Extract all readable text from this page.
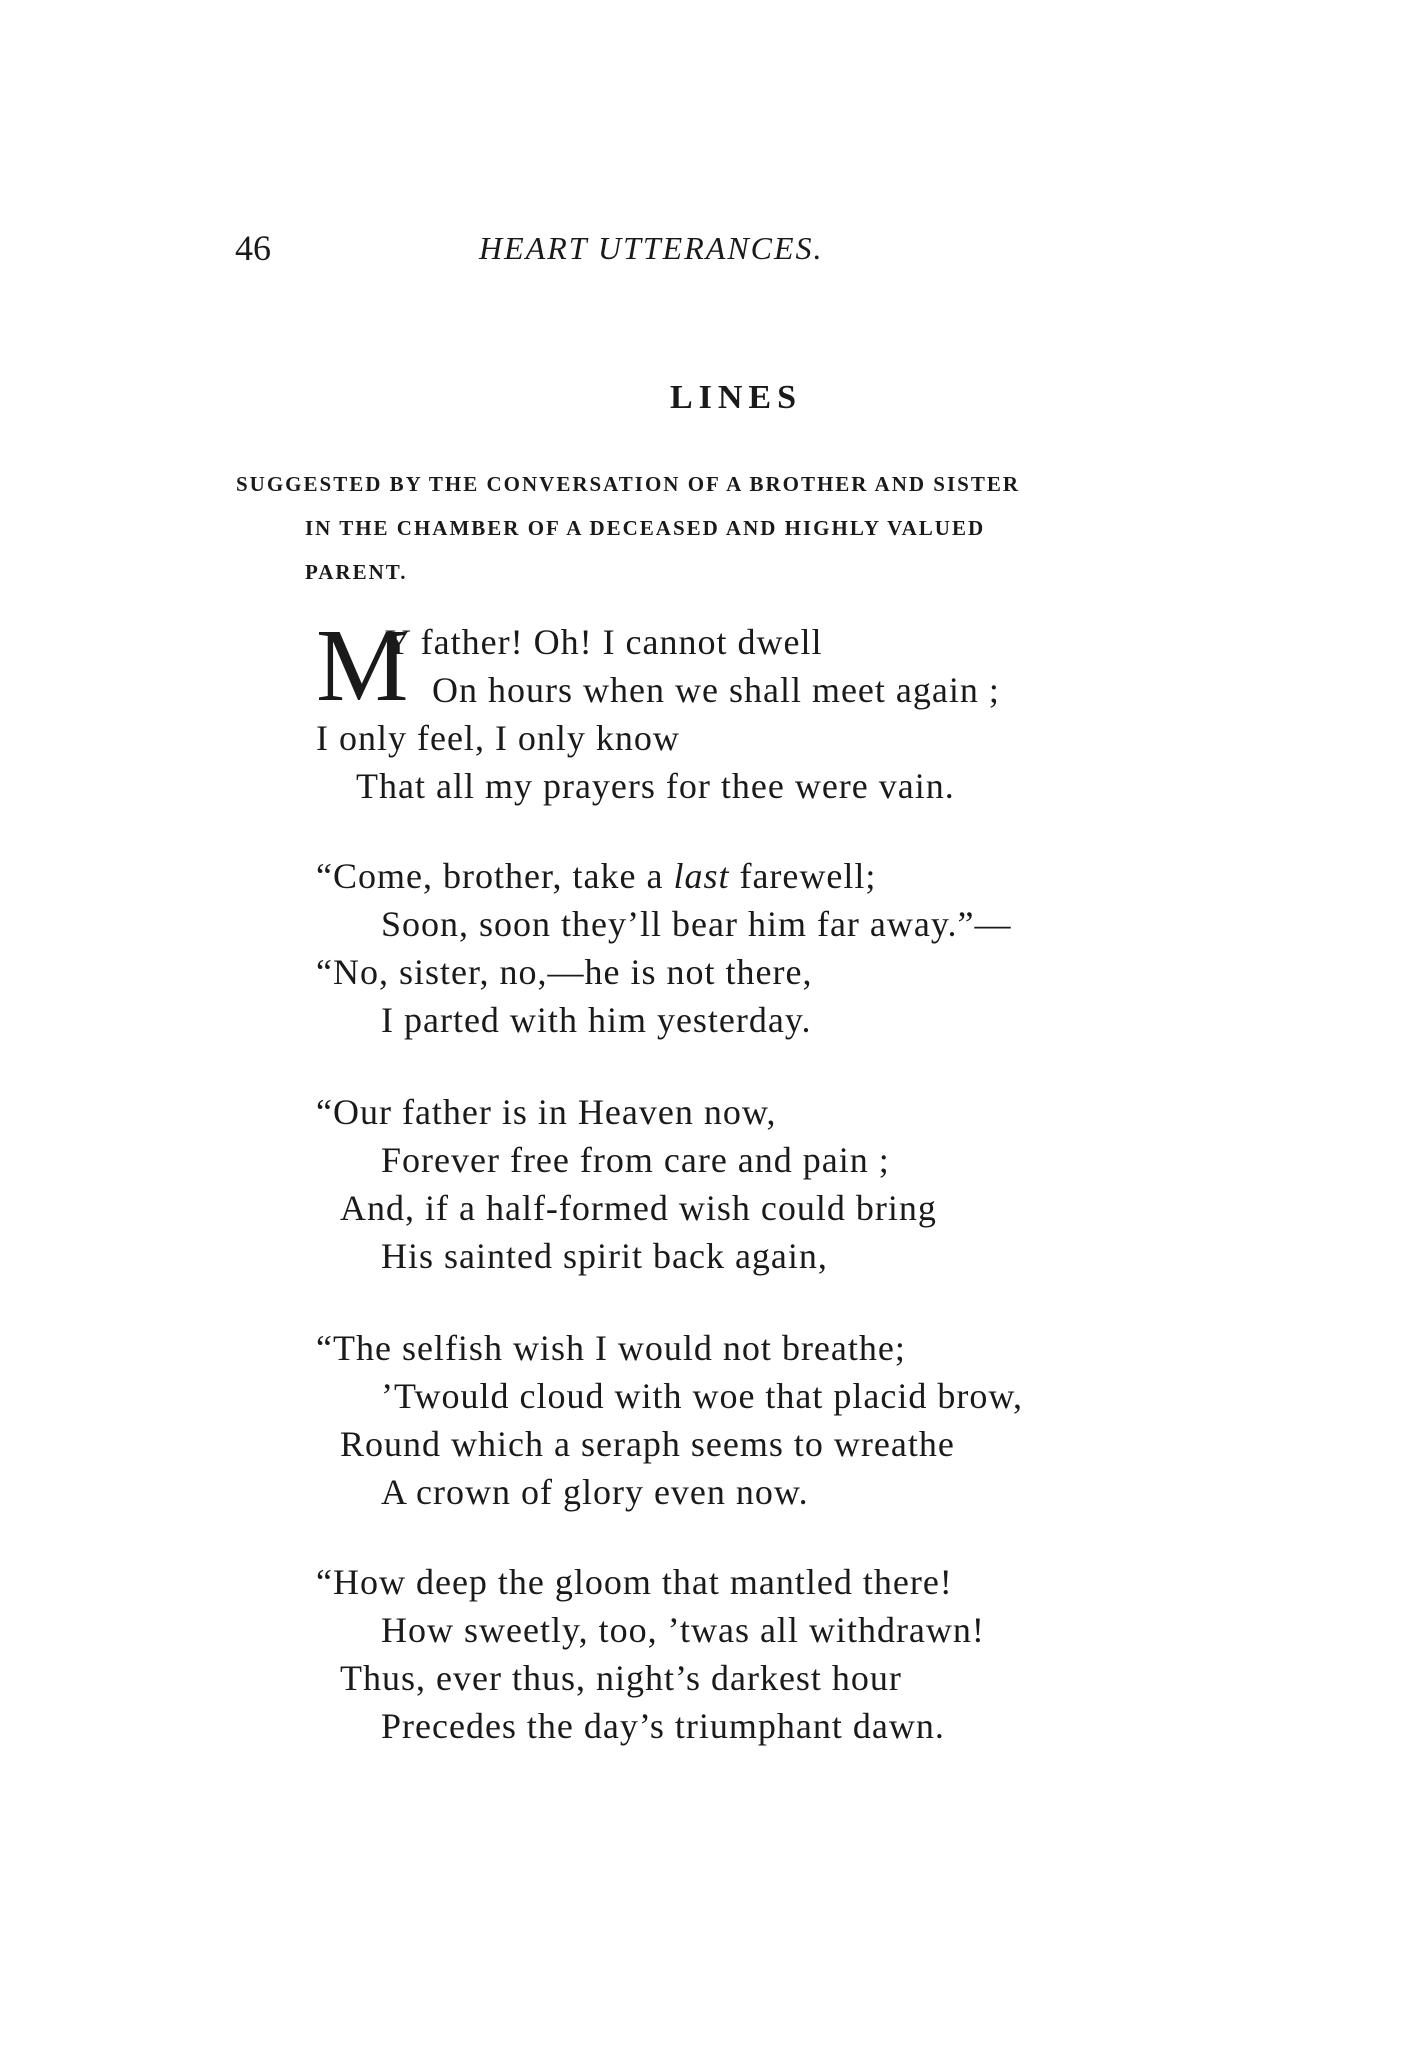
46	HEART UTTERANCES.
LINES
SUGGESTED BY THE CONVERSATION OF A BROTHER AND SISTER
IN THE CHAMBER OF A DECEASED AND HIGHLY VALUED
PARENT.
M
Y father! Oh! I cannot dwell
On hours when we shall meet again ;
I only feel, I only know
That all my prayers for thee were vain.
“Come, brother, take a last farewell;
Soon, soon they’ll bear him far away.”—
“No, sister, no,—he is not there,
I parted with him yesterday.
“Our father is in Heaven now,
Forever free from care and pain ;
And, if a half-formed wish could bring
His sainted spirit back again,
“The selfish wish I would not breathe;
’Twould cloud with woe that placid brow,
Round which a seraph seems to wreathe
A crown of glory even now.
“How deep the gloom that mantled there!
How sweetly, too, ’twas all withdrawn!
Thus, ever thus, night’s darkest hour
Precedes the day’s triumphant dawn.
